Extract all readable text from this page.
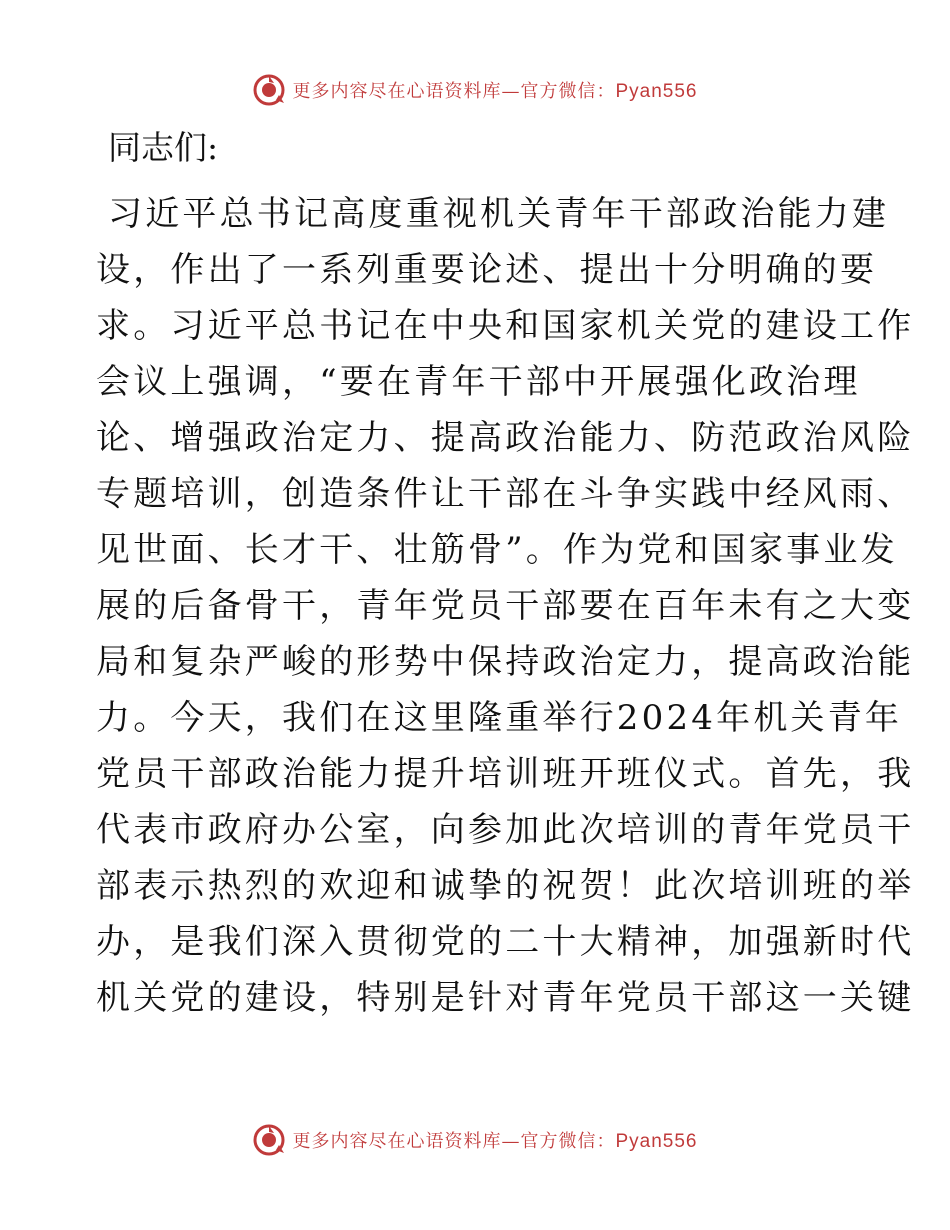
更多内容尽在心语资料库—官方微信：Pyan556
同志们:
习近平总书记高度重视机关青年干部政治能力建
设，作出了一系列重要论述、提出十分明确的要
求。习近平总书记在中央和国家机关党的建设工作
会议上强调，“要在青年干部中开展强化政治理
论、增强政治定力、提高政治能力、防范政治风险
专题培训，创造条件让干部在斗争实践中经风雨、
见世面、长才干、壮筋骨”。作为党和国家事业发
展的后备骨干，青年党员干部要在百年未有之大变
局和复杂严峻的形势中保持政治定力，提高政治能
力。今天，我们在这里隆重举行2024年机关青年
党员干部政治能力提升培训班开班仪式。首先，我
代表市政府办公室，向参加此次培训的青年党员干
部表示热烈的欢迎和诚挚的祝贺！此次培训班的举
办，是我们深入贯彻党的二十大精神，加强新时代
机关党的建设，特别是针对青年党员干部这一关键
更多内容尽在心语资料库—官方微信：Pyan556
